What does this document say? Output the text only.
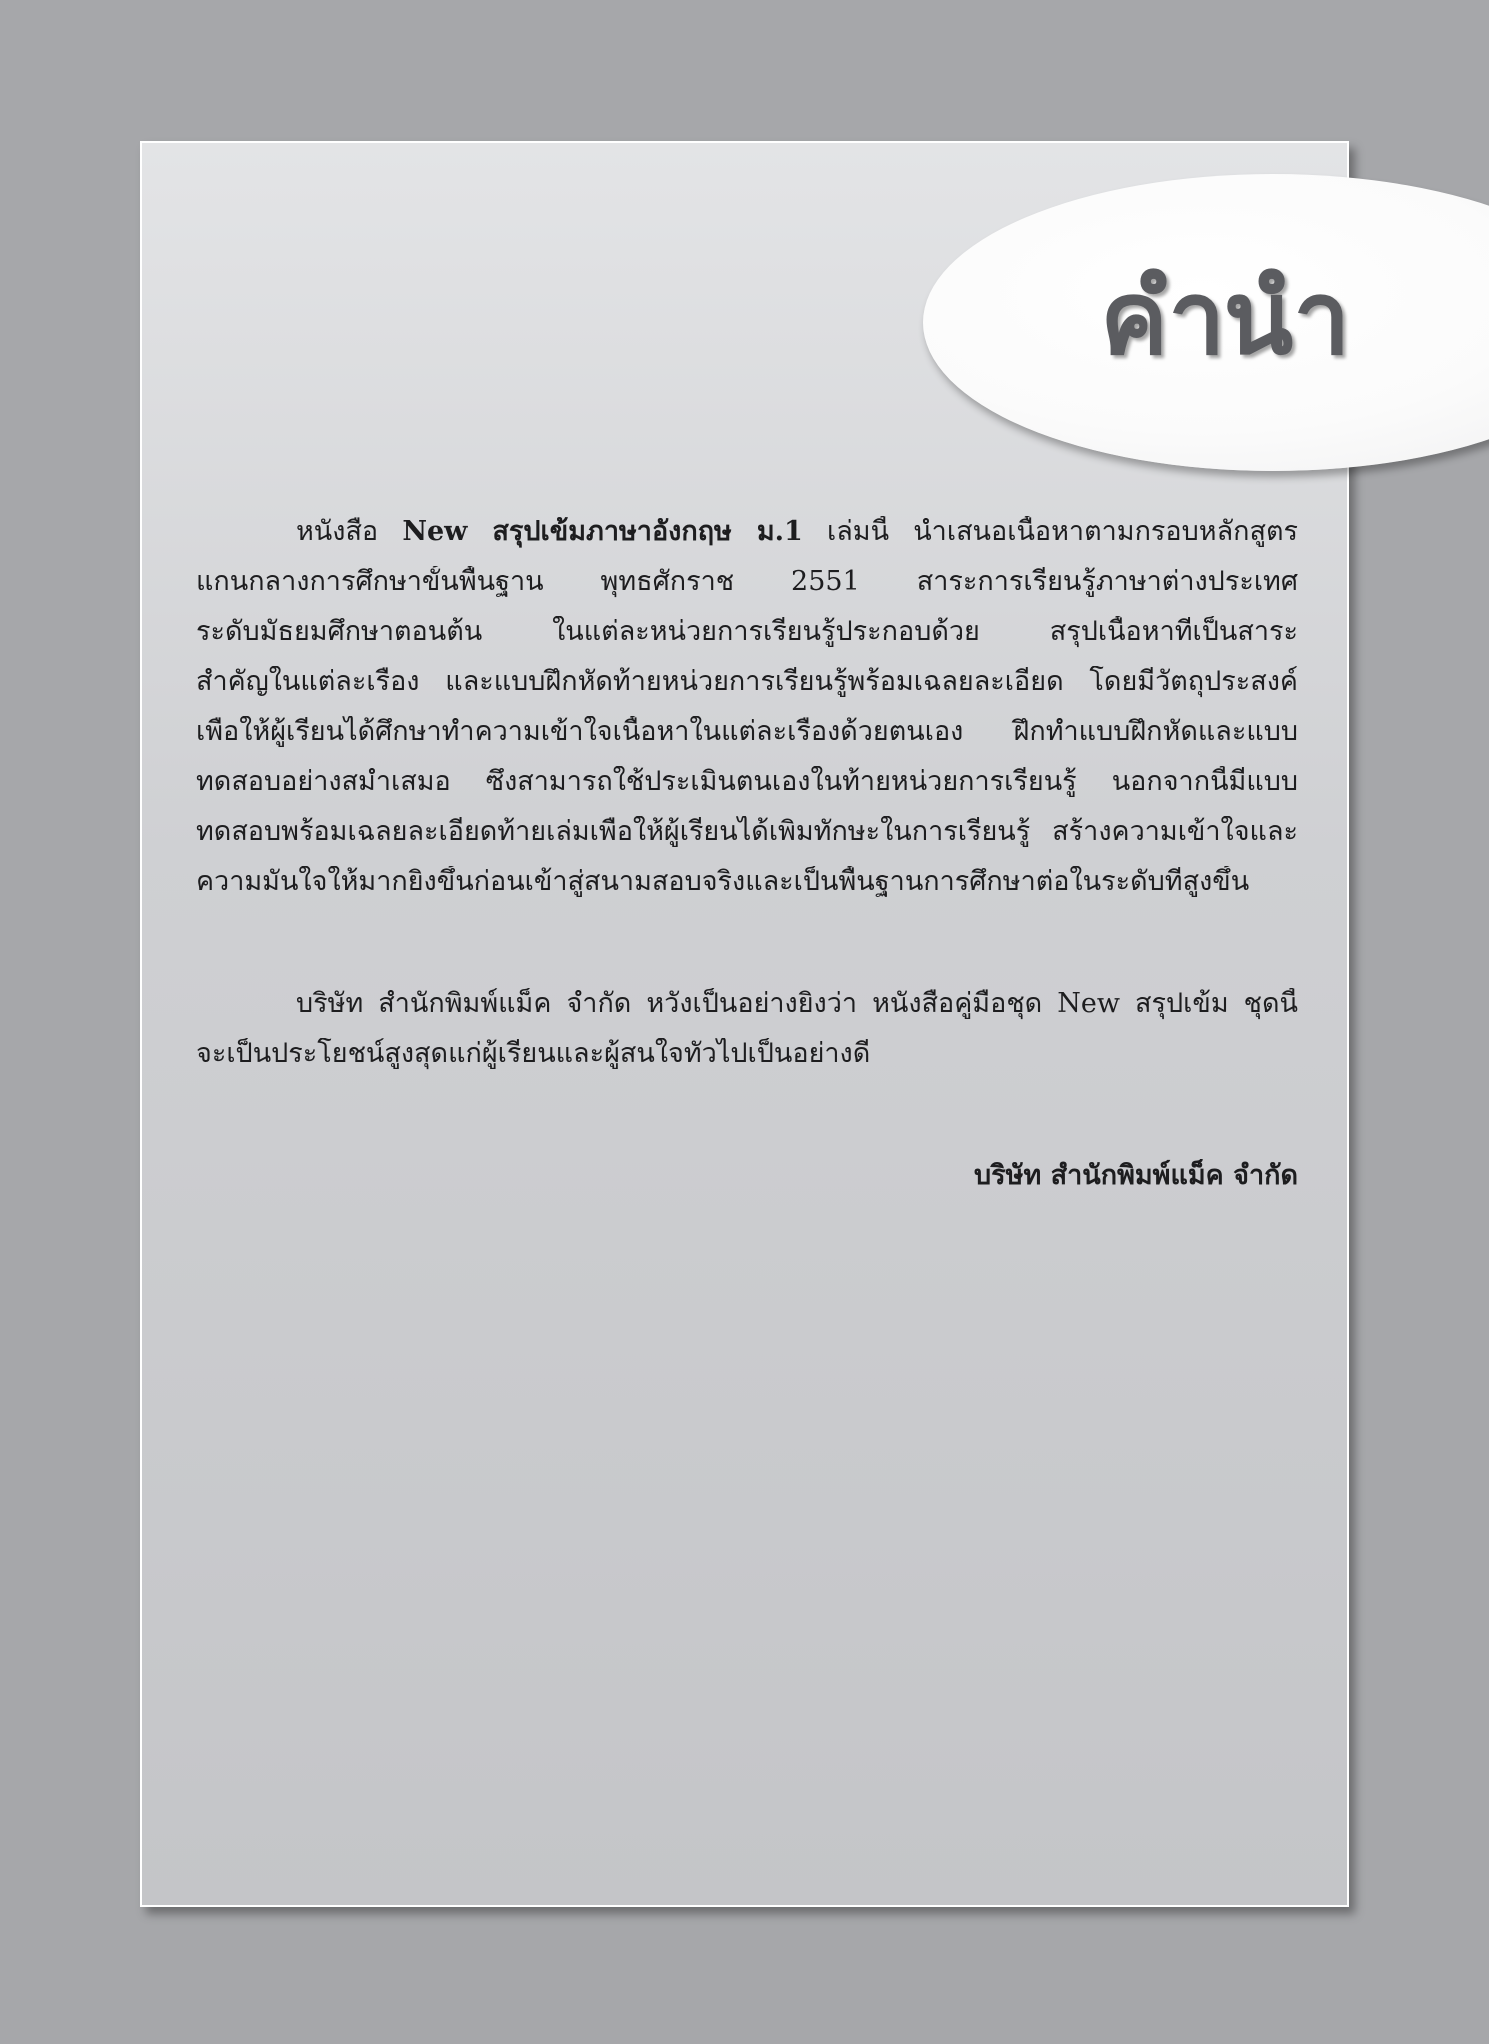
คำนำ
หนังสือ New สรุปเข้มภาษาอังกฤษ ม.1 เล่มนี้ นำเสนอเนื้อหาตามกรอบหลักสูตร
แกนกลางการศึกษาขั้นพื้นฐาน พุทธศักราช 2551 สาระการเรียนรู้ภาษาต่างประเทศ
ระดับมัธยมศึกษาตอนต้น ในแต่ละหน่วยการเรียนรู้ประกอบด้วย สรุปเนื้อหาที่เป็นสาระ
สำคัญในแต่ละเรื่อง และแบบฝึกหัดท้ายหน่วยการเรียนรู้พร้อมเฉลยละเอียด โดยมีวัตถุประสงค์
เพื่อให้ผู้เรียนได้ศึกษาทำความเข้าใจเนื้อหาในแต่ละเรื่องด้วยตนเอง ฝึกทำแบบฝึกหัดและแบบ
ทดสอบอย่างสม่ำเสมอ ซึ่งสามารถใช้ประเมินตนเองในท้ายหน่วยการเรียนรู้ นอกจากนี้มีแบบ
ทดสอบพร้อมเฉลยละเอียดท้ายเล่มเพื่อให้ผู้เรียนได้เพิ่มทักษะในการเรียนรู้ สร้างความเข้าใจและ
ความมั่นใจให้มากยิ่งขึ้นก่อนเข้าสู่สนามสอบจริงและเป็นพื้นฐานการศึกษาต่อในระดับที่สูงขึ้น
บริษัท สำนักพิมพ์แม็ค จำกัด หวังเป็นอย่างยิ่งว่า หนังสือคู่มือชุด New สรุปเข้ม ชุดนี้
จะเป็นประโยชน์สูงสุดแก่ผู้เรียนและผู้สนใจทั่วไปเป็นอย่างดี
บริษัท สำนักพิมพ์แม็ค จำกัด
